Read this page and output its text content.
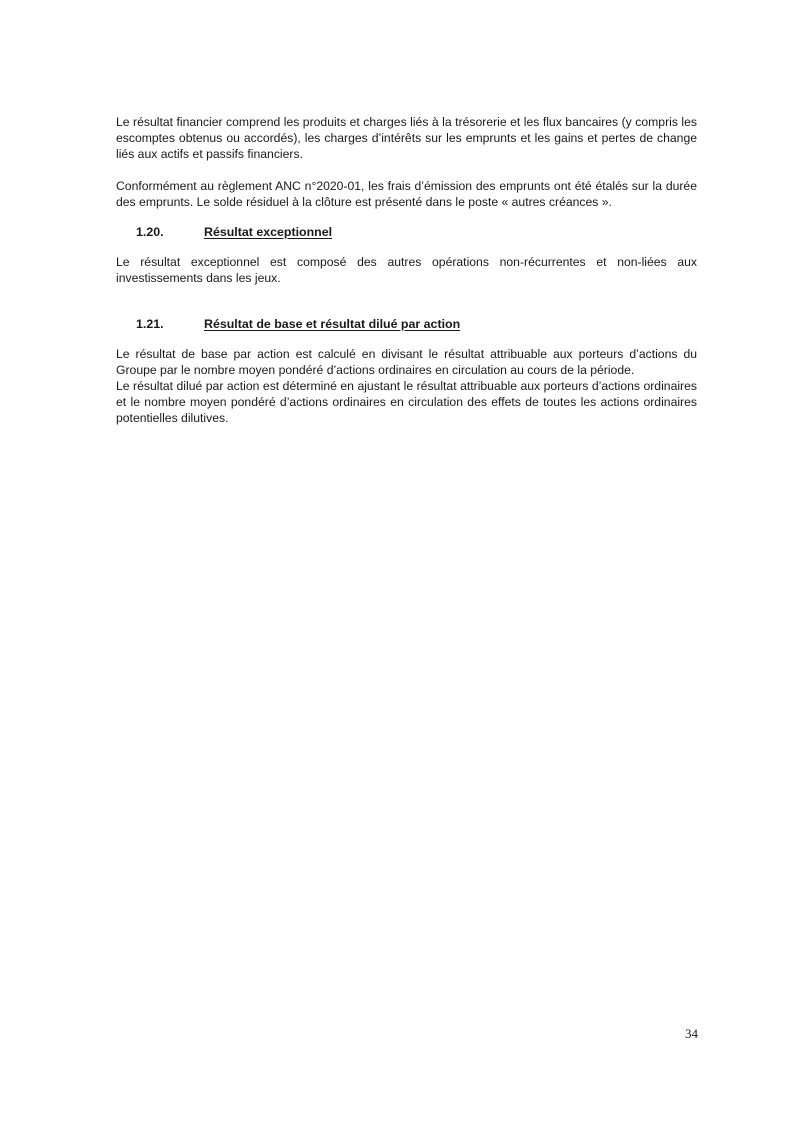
Le résultat financier comprend les produits et charges liés à la trésorerie et les flux bancaires (y compris les escomptes obtenus ou accordés), les charges d’intérêts sur les emprunts et les gains et pertes de change liés aux actifs et passifs financiers.

Conformément au règlement ANC n°2020-01, les frais d’émission des emprunts ont été étalés sur la durée des emprunts. Le solde résiduel à la clôture est présenté dans le poste « autres créances ».

1.20.	Résultat exceptionnel

Le résultat exceptionnel est composé des autres opérations non-récurrentes et non-liées aux investissements dans les jeux.

1.21.	Résultat de base et résultat dilué par action

Le résultat de base par action est calculé en divisant le résultat attribuable aux porteurs d’actions du Groupe par le nombre moyen pondéré d’actions ordinaires en circulation au cours de la période.

Le résultat dilué par action est déterminé en ajustant le résultat attribuable aux porteurs d’actions ordinaires et le nombre moyen pondéré d’actions ordinaires en circulation des effets de toutes les actions ordinaires potentielles dilutives.

34
